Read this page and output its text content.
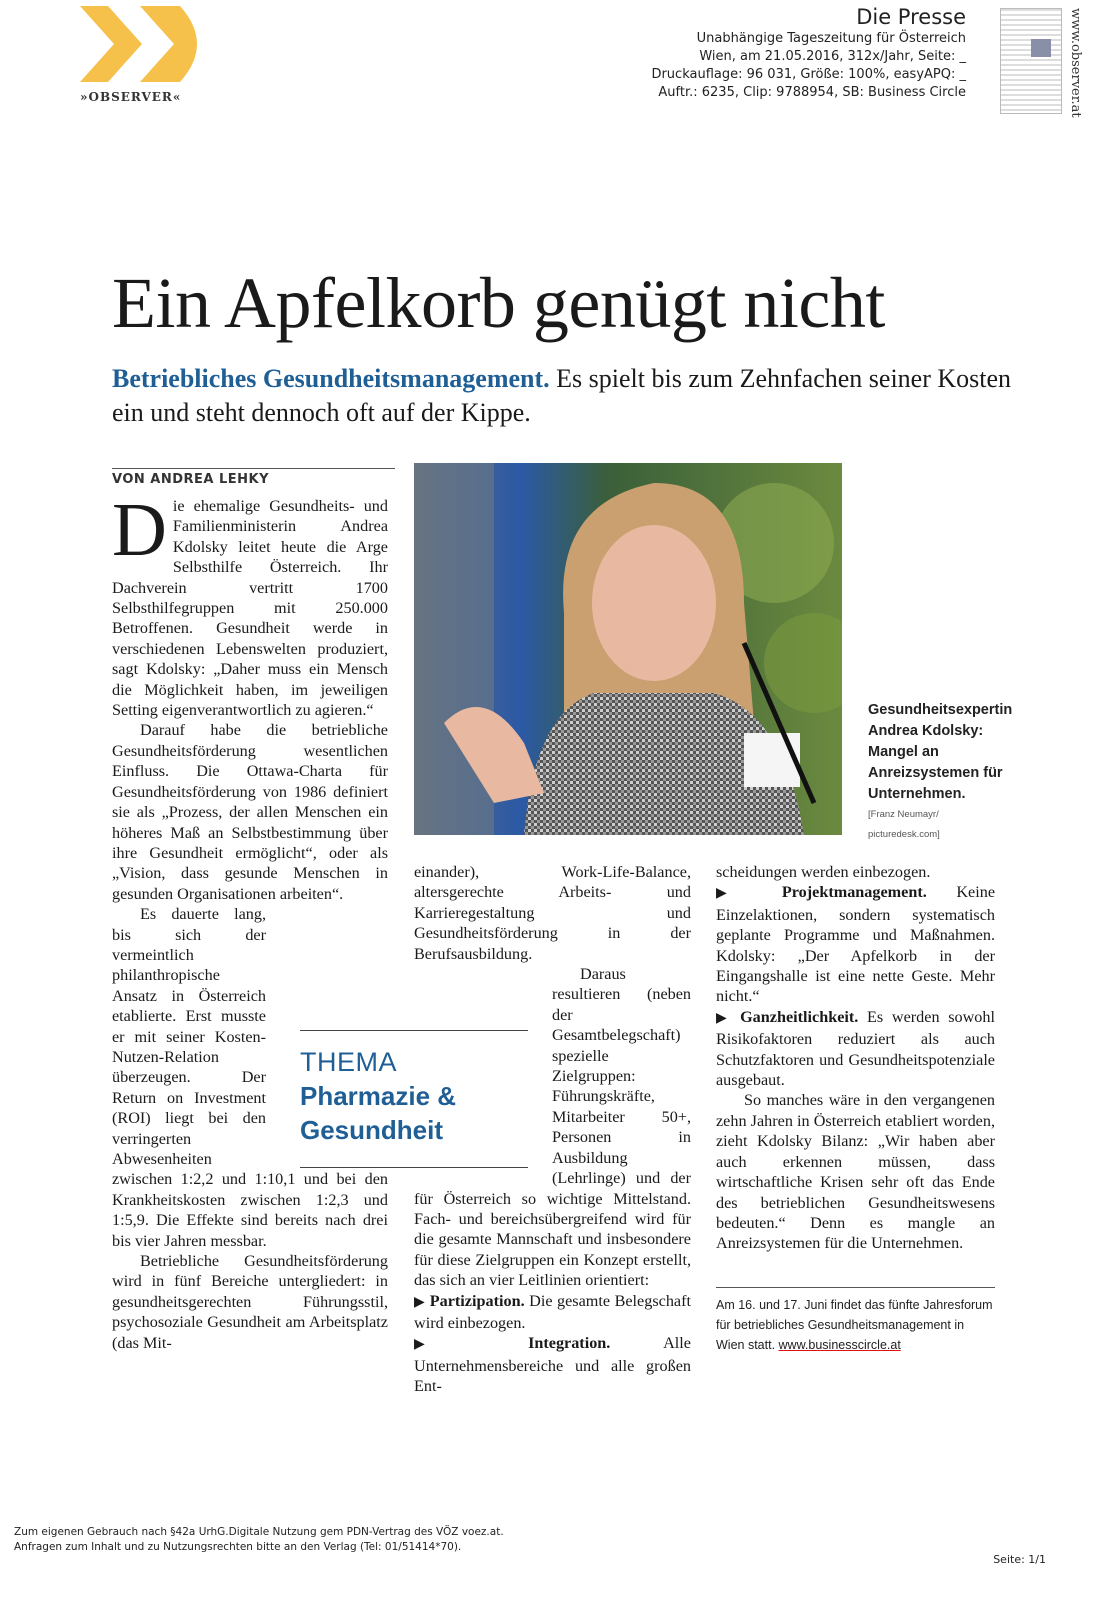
»OBSERVER«
Die Presse
Unabhängige Tageszeitung für Österreich
Wien, am 21.05.2016, 312x/Jahr, Seite: _
Druckauflage: 96 031, Größe: 100%, easyAPQ: _
Auftr.: 6235, Clip: 9788954, SB: Business Circle	www.observer.at
Ein Apfelkorb genügt nicht
Betriebliches Gesundheitsmanagement. Es spielt bis zum Zehnfachen seiner Kosten ein und steht dennoch oft auf der Kippe.
VON ANDREA LEHKY

Die ehemalige Gesundheits- und Familienministerin Andrea Kdolsky leitet heute die Arge Selbsthilfe Österreich. Ihr Dachverein vertritt 1700 Selbsthilfegruppen mit 250.000 Betroffenen. Gesundheit werde in verschiedenen Lebenswelten produziert, sagt Kdolsky: „Daher muss ein Mensch die Möglichkeit haben, im jeweiligen Setting eigenverantwortlich zu agieren.“

Darauf habe die betriebliche Gesundheitsförderung wesentlichen Einfluss. Die Ottawa-Charta für Gesundheitsförderung von 1986 definiert sie als „Prozess, der allen Menschen ein höheres Maß an Selbstbestimmung über ihre Gesundheit ermöglicht“, oder als „Vision, dass gesunde Menschen in gesunden Organisationen arbeiten“.

Es dauerte lang, bis sich der vermeintlich philanthropische Ansatz in Österreich etablierte. Erst musste er mit seiner Kosten-Nutzen-Relation überzeugen. Der Return on Investment (ROI) liegt bei den verringerten Abwesenheiten zwischen 1:2,2 und 1:10,1 und bei den Krankheitskosten zwischen 1:2,3 und 1:5,9. Die Effekte sind bereits nach drei bis vier Jahren messbar.

Betriebliche Gesundheitsförderung wird in fünf Bereiche untergliedert: in gesundheitsgerechten Führungsstil, psychosoziale Gesundheit am Arbeitsplatz (das Mit-

Gesundheitsexpertin Andrea Kdolsky: Mangel an Anreizsystemen für Unternehmen.
[Franz Neumayr/ picturedesk.com]

einander), Work-Life-Balance, altersgerechte Arbeits- und Karrieregestaltung und Gesundheitsförderung in der Berufsausbildung.

Daraus resultieren (neben der Gesamtbelegschaft) spezielle Zielgruppen: Führungskräfte, Mitarbeiter 50+, Personen in Ausbildung (Lehrlinge) und der für Österreich so wichtige Mittelstand. Fach- und bereichsübergreifend wird für die gesamte Mannschaft und insbesondere für diese Zielgruppen ein Konzept erstellt, das sich an vier Leitlinien orientiert:

▶ Partizipation. Die gesamte Belegschaft wird einbezogen.

▶	Integration. Alle Unternehmensbereiche und alle großen Ent-

THEMA
Pharmazie & Gesundheit

scheidungen werden einbezogen.

▶ Projektmanagement. Keine Einzelaktionen, sondern systematisch geplante Programme und Maßnahmen. Kdolsky: „Der Apfelkorb in der Eingangshalle ist eine nette Geste. Mehr nicht.“

▶ Ganzheitlichkeit. Es werden sowohl Risikofaktoren reduziert als auch Schutzfaktoren und Gesundheitspotenziale ausgebaut.

So manches wäre in den vergangenen zehn Jahren in Österreich etabliert worden, zieht Kdolsky Bilanz: „Wir haben aber auch erkennen müssen, dass wirtschaftliche Krisen sehr oft das Ende des betrieblichen Gesundheitswesens bedeuten.“ Denn es mangle an Anreizsystemen für die Unternehmen.

Am 16. und 17. Juni findet das fünfte Jahresforum für betriebliches Gesundheitsmanagement in Wien statt. www.businesscircle.at
Zum eigenen Gebrauch nach §42a UrhG.Digitale Nutzung gem PDN-Vertrag des VÖZ voez.at.
Anfragen zum Inhalt und zu Nutzungsrechten bitte an den Verlag (Tel: 01/51414*70).
Seite: 1/1
